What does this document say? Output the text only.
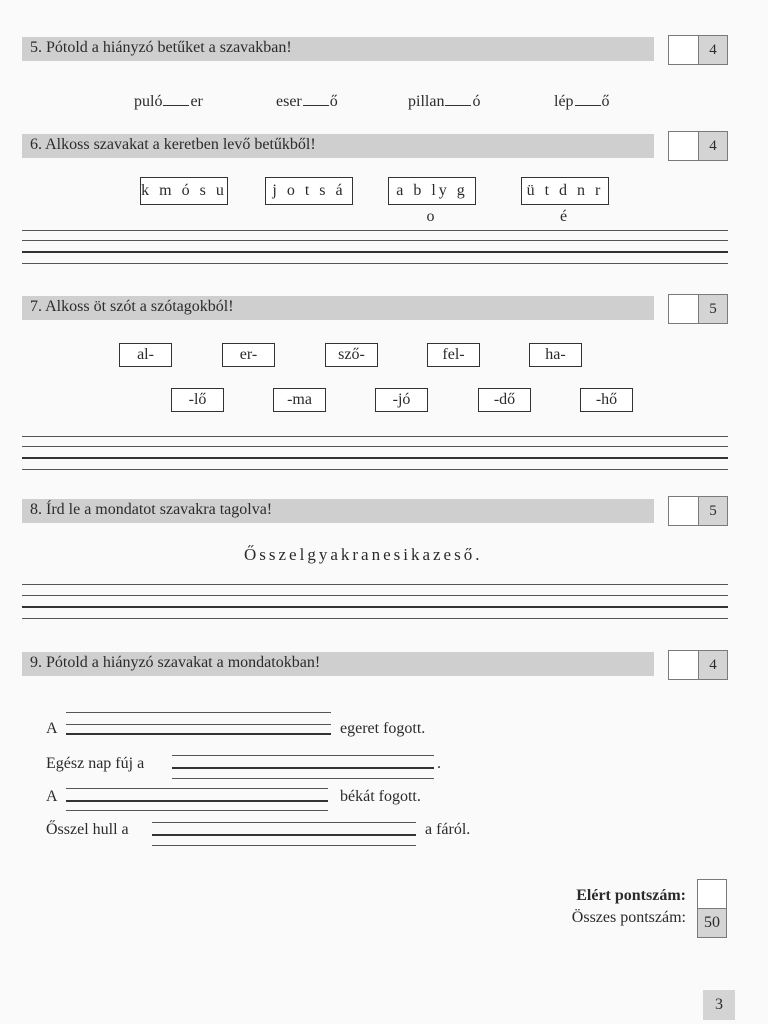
5. Pótold a hiányzó betűket a szavakban!	4
puló er	eser ő	pillan ó	lép ő
6. Alkoss szavakat a keretben levő betűkből!	4
k m ó s u	j o t s á	a b ly g o
ü t d n r é
7. Alkoss öt szót a szótagokból!	5
al-	er-	sző-	fel-	ha-
-lő	-ma	-jó	-dő	-hő
8. Írd le a mondatot szavakra tagolva!	5
Ősszelgyakranesikazeső.
9. Pótold a hiányzó szavakat a mondatokban!	4
A	egeret fogott.
Egész nap fúj a	.
A	békát fogott.
Ősszel hull a	a fáról.
Elért pontszám:
Összes pontszám:	50
3
